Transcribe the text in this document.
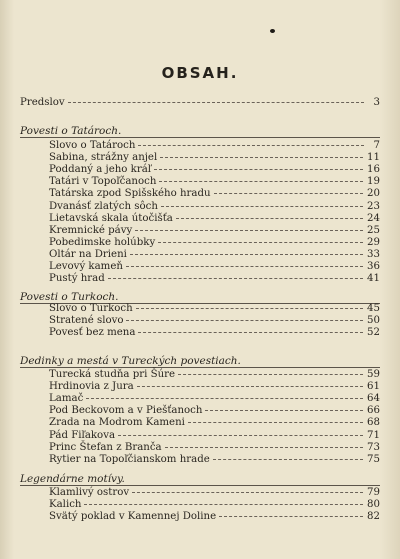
OBSAH.
Predslov	3
Povesti o Tatároch.
Slovo o Tatároch	7
Sabina, strážny anjel	11
Poddaný a jeho kráľ	16
Tatári v Topoľčanoch	19
Tatárska zpod Spišského hradu	20
Dvanásť zlatých sôch	23
Lietavská skala útočišťa	24
Kremnické pávy	25
Pobedimske holúbky	29
Oltár na Drieni	33
Levový kameň	36
Pustý hrad	41
Povesti o Turkoch.
Slovo o Turkoch	45
Stratené slovo	50
Povesť bez mena	52
Dedinky a mestá v Tureckých povestiach.
Turecká studňa pri Šúre	59
Hrdinovia z Jura	61
Lamač	64
Pod Beckovom a v Piešťanoch	66
Zrada na Modrom Kameni	68
Pád Fiľakova	71
Princ Štefan z Branča	73
Rytier na Topoľčianskom hrade	75
Legendárne motívy.
Klamlivý ostrov	79
Kalich	80
Svätý poklad v Kamennej Doline	82
